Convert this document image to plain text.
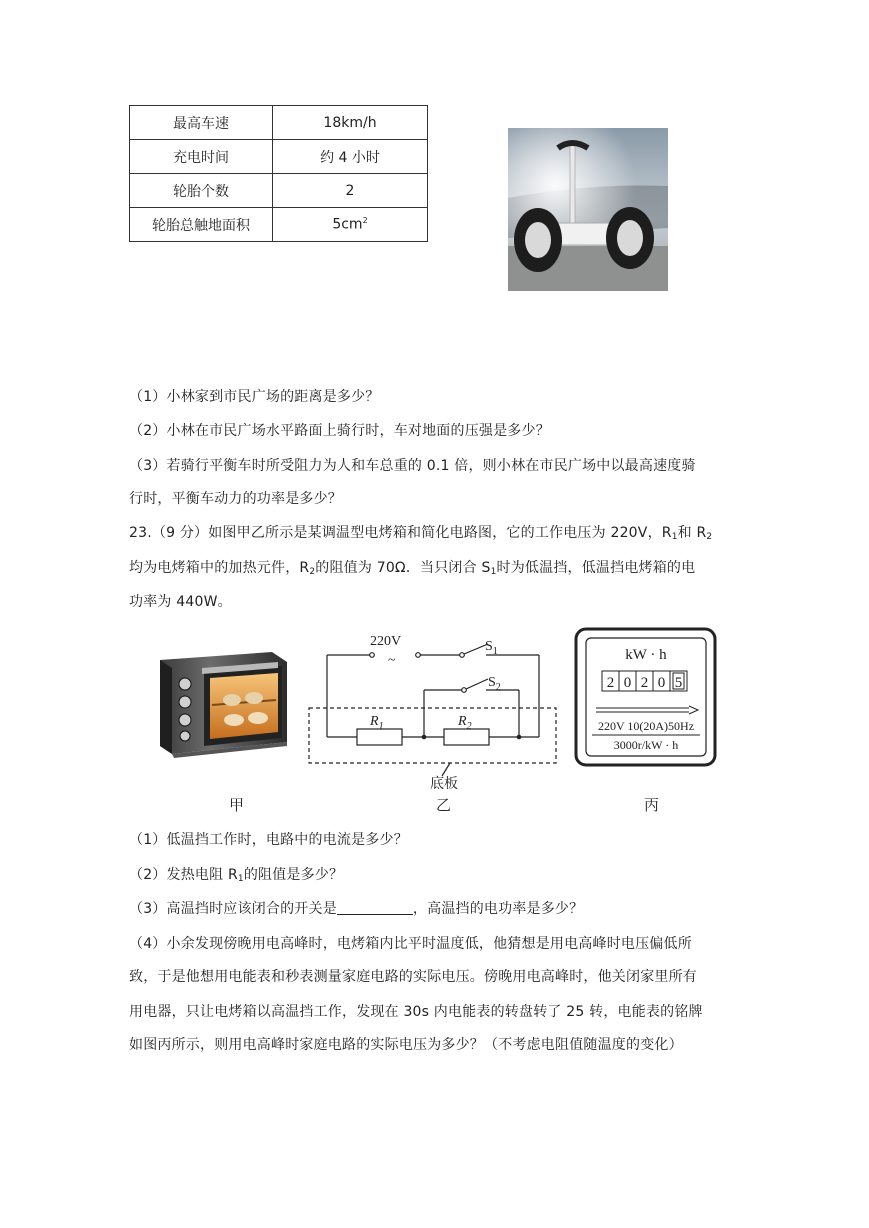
最高车速	18km/h
充电时间	约 4 小时
轮胎个数	2
轮胎总触地面积	$5cm^2$
（1）小林家到市民广场的距离是多少？
（2）小林在市民广场水平路面上骑行时，车对地面的压强是多少？
（3）若骑行平衡车时所受阻力为人和车总重的 0.1 倍，则小林在市民广场中以最高速度骑
行时，平衡车动力的功率是多少？
23.（9 分）如图甲乙所示是某调温型电烤箱和简化电路图，它的工作电压为 220V，$R_1$和 $R_2$
均为电烤箱中的加热元件，$R_2$的阻值为 70Ω．当只闭合 $S_1$时为低温挡，低温挡电烤箱的电
功率为 440W。
220V
~
$S_1$
$S_2$
$R_1$	$R_2$
底板
kW · h
2 0 2 0 5
220V 10(20A)50Hz
3000r/kW · h
甲	乙	丙
（1）低温挡工作时，电路中的电流是多少？
（2）发热电阻 $R_1$的阻值是多少？
（3）高温挡时应该闭合的开关是	，高温挡的电功率是多少？
（4）小余发现傍晚用电高峰时，电烤箱内比平时温度低，他猜想是用电高峰时电压偏低所
致，于是他想用电能表和秒表测量家庭电路的实际电压。傍晚用电高峰时，他关闭家里所有
用电器，只让电烤箱以高温挡工作，发现在 30s 内电能表的转盘转了 25 转，电能表的铭牌
如图丙所示，则用电高峰时家庭电路的实际电压为多少？（不考虑电阻值随温度的变化）
